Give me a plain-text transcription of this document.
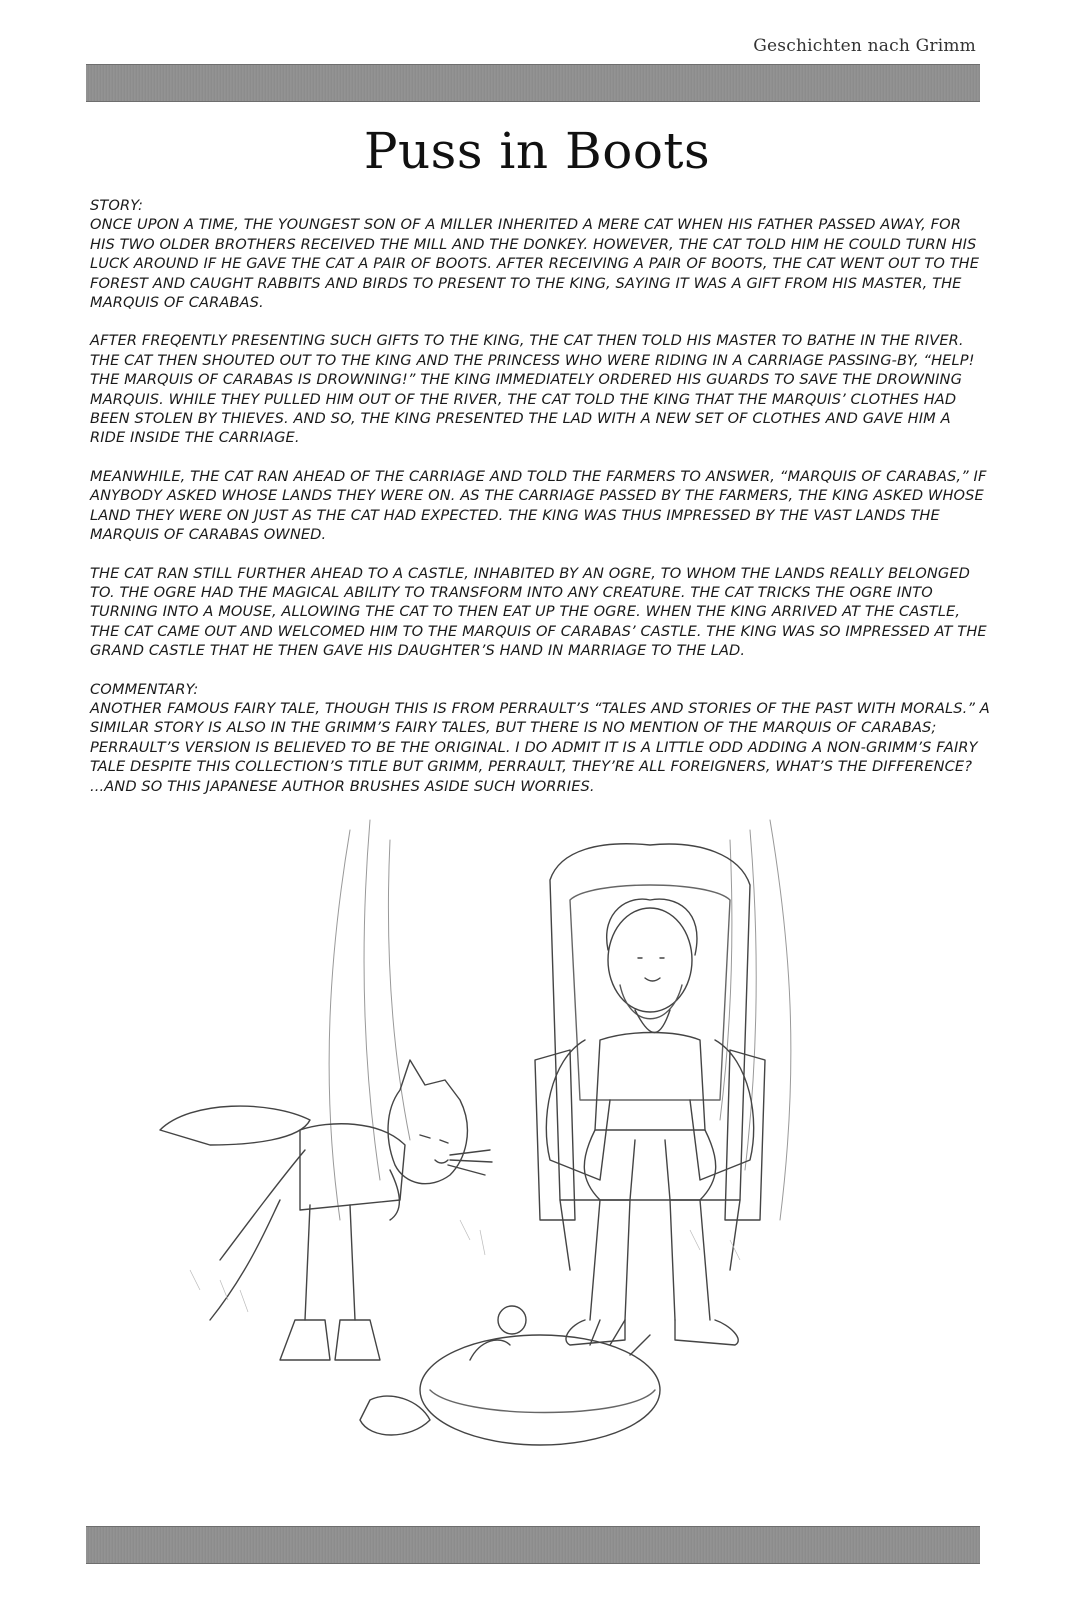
Geschichten nach Grimm
Puss in Boots
STORY:

ONCE UPON A TIME, THE YOUNGEST SON OF A MILLER INHERITED A MERE CAT WHEN HIS FATHER PASSED AWAY, FOR HIS TWO OLDER BROTHERS RECEIVED THE MILL AND THE DONKEY. HOWEVER, THE CAT TOLD HIM HE COULD TURN HIS LUCK AROUND IF HE GAVE THE CAT A PAIR OF BOOTS. AFTER RECEIVING A PAIR OF BOOTS, THE CAT WENT OUT TO THE FOREST AND CAUGHT RABBITS AND BIRDS TO PRESENT TO THE KING, SAYING IT WAS A GIFT FROM HIS MASTER, THE MARQUIS OF CARABAS.

AFTER FREQENTLY PRESENTING SUCH GIFTS TO THE KING, THE CAT THEN TOLD HIS MASTER TO BATHE IN THE RIVER. THE CAT THEN SHOUTED OUT TO THE KING AND THE PRINCESS WHO WERE RIDING IN A CARRIAGE PASSING-BY, “HELP! THE MARQUIS OF CARABAS IS DROWNING!” THE KING IMMEDIATELY ORDERED HIS GUARDS TO SAVE THE DROWNING MARQUIS. WHILE THEY PULLED HIM OUT OF THE RIVER, THE CAT TOLD THE KING THAT THE MARQUIS’ CLOTHES HAD BEEN STOLEN BY THIEVES. AND SO, THE KING PRESENTED THE LAD WITH A NEW SET OF CLOTHES AND GAVE HIM A RIDE INSIDE THE CARRIAGE.

MEANWHILE, THE CAT RAN AHEAD OF THE CARRIAGE AND TOLD THE FARMERS TO ANSWER, “MARQUIS OF CARABAS,” IF ANYBODY ASKED WHOSE LANDS THEY WERE ON. AS THE CARRIAGE PASSED BY THE FARMERS, THE KING ASKED WHOSE LAND THEY WERE ON JUST AS THE CAT HAD EXPECTED. THE KING WAS THUS IMPRESSED BY THE VAST LANDS THE MARQUIS OF CARABAS OWNED.

THE CAT RAN STILL FURTHER AHEAD TO A CASTLE, INHABITED BY AN OGRE, TO WHOM THE LANDS REALLY BELONGED TO. THE OGRE HAD THE MAGICAL ABILITY TO TRANSFORM INTO ANY CREATURE. THE CAT TRICKS THE OGRE INTO TURNING INTO A MOUSE, ALLOWING THE CAT TO THEN EAT UP THE OGRE. WHEN THE KING ARRIVED AT THE CASTLE, THE CAT CAME OUT AND WELCOMED HIM TO THE MARQUIS OF CARABAS’ CASTLE. THE KING WAS SO IMPRESSED AT THE GRAND CASTLE THAT HE THEN GAVE HIS DAUGHTER’S HAND IN MARRIAGE TO THE LAD.

COMMENTARY:

ANOTHER FAMOUS FAIRY TALE, THOUGH THIS IS FROM PERRAULT’S “TALES AND STORIES OF THE PAST WITH MORALS.” A SIMILAR STORY IS ALSO IN THE GRIMM’S FAIRY TALES, BUT THERE IS NO MENTION OF THE MARQUIS OF CARABAS; PERRAULT’S VERSION IS BELIEVED TO BE THE ORIGINAL. I DO ADMIT IT IS A LITTLE ODD ADDING A NON-GRIMM’S FAIRY TALE DESPITE THIS COLLECTION’S TITLE BUT GRIMM, PERRAULT, THEY’RE ALL FOREIGNERS, WHAT’S THE DIFFERENCE? ...AND SO THIS JAPANESE AUTHOR BRUSHES ASIDE SUCH WORRIES.
